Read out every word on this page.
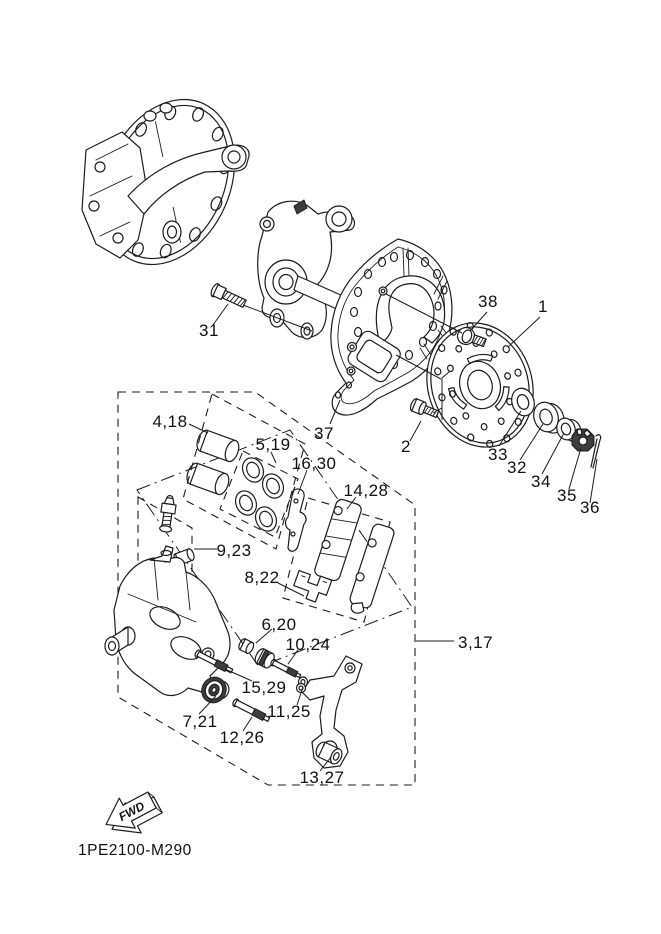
31
38 1
37
2	33
32
34
35
36
4,18
5,19
16,30
14,28
9,23
8,22
6,20
10,24
15,29
11,25
7,21
12,26
13,27
3,17
FWD
1PE2100-M290
